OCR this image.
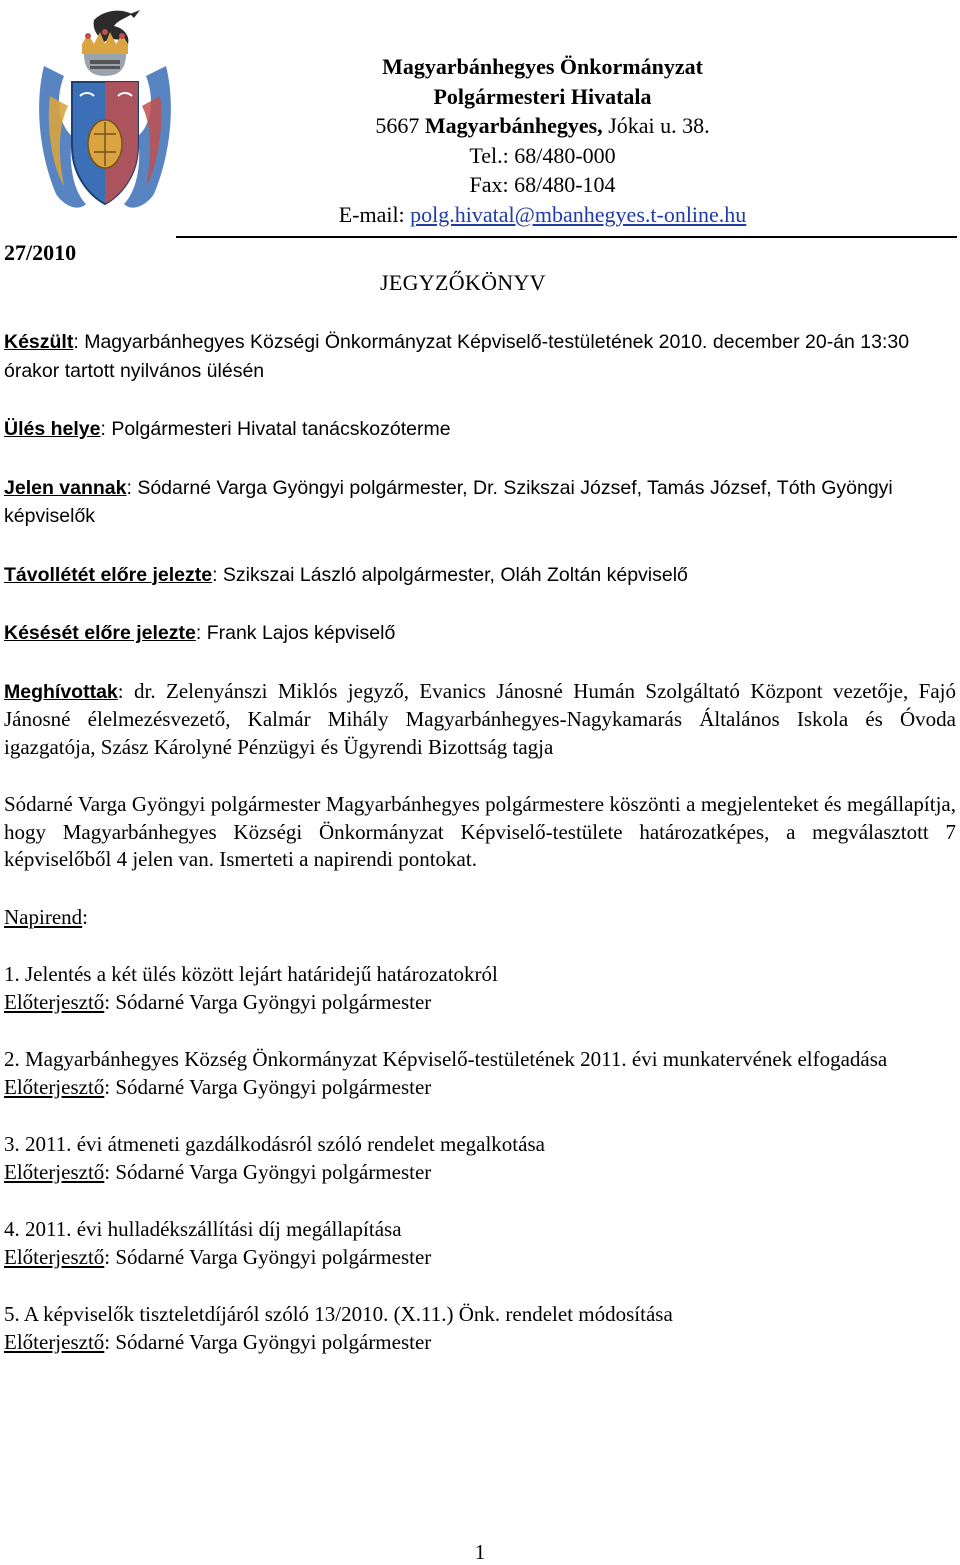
Magyarbánhegyes Önkormányzat
Polgármesteri Hivatala
5667 Magyarbánhegyes, Jókai u. 38.
Tel.: 68/480-000
Fax: 68/480-104
E-mail: polg.hivatal@mbanhegyes.t-online.hu
27/2010
JEGYZŐKÖNYV

Készült: Magyarbánhegyes Községi Önkormányzat Képviselő-testületének 2010. december 20-án 13:30 órakor tartott nyilvános ülésén

Ülés helye: Polgármesteri Hivatal tanácskozóterme

Jelen vannak: Sódarné Varga Gyöngyi polgármester, Dr. Szikszai József, Tamás József, Tóth Gyöngyi képviselők

Távollétét előre jelezte: Szikszai László alpolgármester, Oláh Zoltán képviselő

Késését előre jelezte: Frank Lajos képviselő

Meghívottak: dr. Zelenyánszi Miklós jegyző, Evanics Jánosné Humán Szolgáltató Központ vezetője, Fajó Jánosné élelmezésvezető, Kalmár Mihály Magyarbánhegyes-Nagykamarás Általános Iskola és Óvoda igazgatója, Szász Károlyné Pénzügyi és Ügyrendi Bizottság tagja

Sódarné Varga Gyöngyi polgármester Magyarbánhegyes polgármestere köszönti a megjelenteket és megállapítja, hogy Magyarbánhegyes Községi Önkormányzat Képviselő-testülete határozatképes, a megválasztott 7 képviselőből 4 jelen van. Ismerteti a napirendi pontokat.

Napirend:

1. Jelentés a két ülés között lejárt határidejű határozatokról

Előterjesztő: Sódarné Varga Gyöngyi polgármester

2. Magyarbánhegyes Község Önkormányzat Képviselő-testületének 2011. évi munkatervének elfogadása

Előterjesztő: Sódarné Varga Gyöngyi polgármester

3. 2011. évi átmeneti gazdálkodásról szóló rendelet megalkotása

Előterjesztő: Sódarné Varga Gyöngyi polgármester

4. 2011. évi hulladékszállítási díj megállapítása

Előterjesztő: Sódarné Varga Gyöngyi polgármester

5. A képviselők tiszteletdíjáról szóló 13/2010. (X.11.) Önk. rendelet módosítása

Előterjesztő: Sódarné Varga Gyöngyi polgármester

1
